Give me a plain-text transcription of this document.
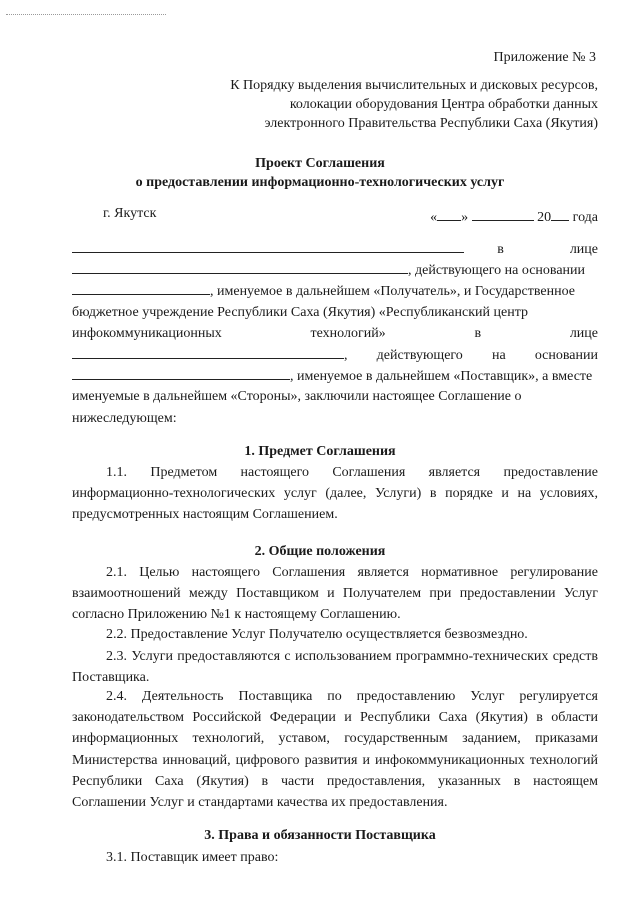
Приложение № 3
К Порядку выделения вычислительных и дисковых ресурсов,
колокации оборудования Центра обработки данных
электронного Правительства Республики Саха (Якутия)
Проект Соглашения
о предоставлении информационно-технологических услуг
г. Якутск	« »	20 года
в	лице
, действующего на основании
, именуемое в дальнейшем «Получатель», и Государственное
бюджетное учреждение Республики Саха (Якутия) «Республиканский центр
инфокоммуникационных	технологий»	в	лице
, действующего на основании
, именуемое в дальнейшем «Поставщик», а вместе
именуемые в дальнейшем «Стороны», заключили настоящее Соглашение о
нижеследующем:
1. Предмет Соглашения
1.1. Предметом настоящего Соглашения является предоставление информационно-технологических услуг (далее, Услуги) в порядке и на условиях, предусмотренных настоящим Соглашением.
2. Общие положения
2.1. Целью настоящего Соглашения является нормативное регулирование взаимоотношений между Поставщиком и Получателем при предоставлении Услуг согласно Приложению №1 к настоящему Соглашению.
2.2. Предоставление Услуг Получателю осуществляется безвозмездно.
2.3. Услуги предоставляются с использованием программно-технических средств Поставщика.
2.4. Деятельность Поставщика по предоставлению Услуг регулируется законодательством Российской Федерации и Республики Саха (Якутия) в области информационных технологий, уставом, государственным заданием, приказами Министерства инноваций, цифрового развития и инфокоммуникационных технологий Республики Саха (Якутия) в части предоставления, указанных в настоящем Соглашении Услуг и стандартами качества их предоставления.
3. Права и обязанности Поставщика
3.1. Поставщик имеет право:
